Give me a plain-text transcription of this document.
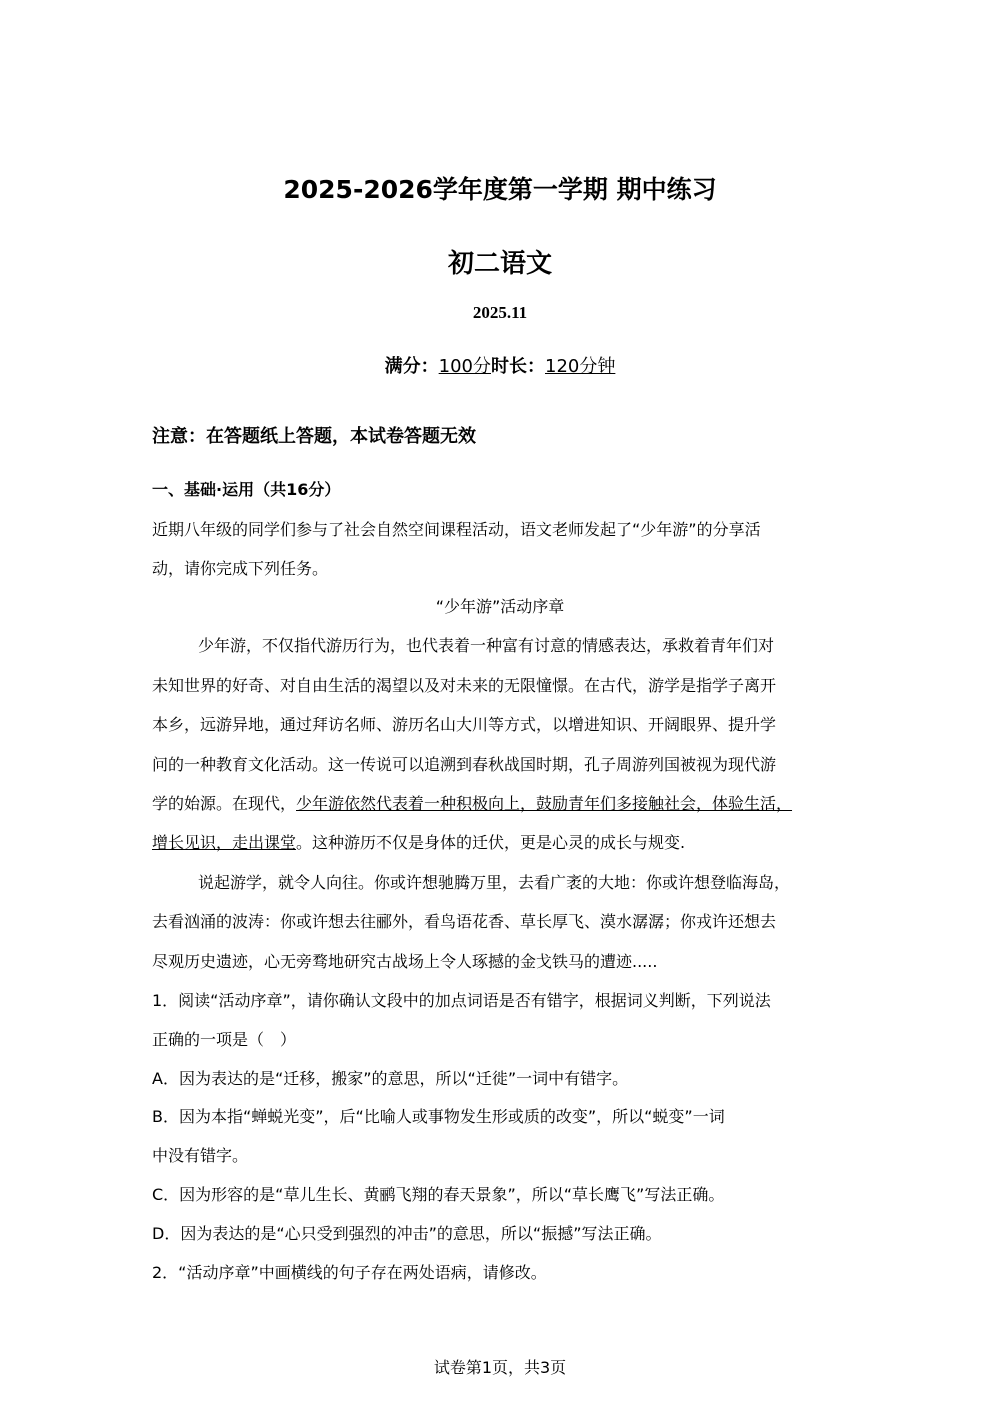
2025-2026学年度第一学期 期中练习
初二语文
2025.11
满分：100分时长：120分钟
注意：在答题纸上答题，本试卷答题无效
一、基础·运用（共16分）
近期八年级的同学们参与了社会自然空间课程活动，语文老师发起了“少年游”的分享活
动，请你完成下列任务。
“少年游”活动序章
少年游，不仅指代游历行为，也代表着一种富有讨意的情感表达，承救着青年们对
未知世界的好奇、对自由生活的渴望以及对未来的无限憧憬。在古代，游学是指学子离开
本乡，远游异地，通过拜访名师、游历名山大川等方式，以增进知识、开阔眼界、提升学
问的一种教育文化活动。这一传说可以追溯到春秋战国时期，孔子周游列国被视为现代游
学的始源。在现代，少年游依然代表着一种积极向上，鼓励青年们多接触社会，体验生活，
增长见识，走出课堂。这种游历不仅是身体的迁伏，更是心灵的成长与规变.
说起游学，就令人向往。你或许想驰腾万里，去看广袤的大地：你或许想登临海岛，
去看汹涌的波涛：你或许想去往郦外，看鸟语花香、草长厚飞、漠水潺潺；你戎许还想去
尽观历史遗迹，心无旁骛地研究古战场上令人琢撼的金戈铁马的遭迹.....
1．阅读“活动序章”，请你确认文段中的加点词语是否有错字，根据词义判断，下列说法
正确的一项是（　）
A．因为表达的是“迁移，搬家”的意思，所以“迁徙”一词中有错字。
B．因为本指“蝉蜕光变”，后“比喻人或事物发生形或质的改变”，所以“蜕变”一词
中没有错字。
C．因为形容的是“草儿生长、黄鹂飞翔的春天景象”，所以“草长鹰飞”写法正确。
D．因为表达的是“心只受到强烈的冲击”的意思，所以“振撼”写法正确。
2．“活动序章”中画横线的句子存在两处语病，请修改。
试卷第1页，共3页
